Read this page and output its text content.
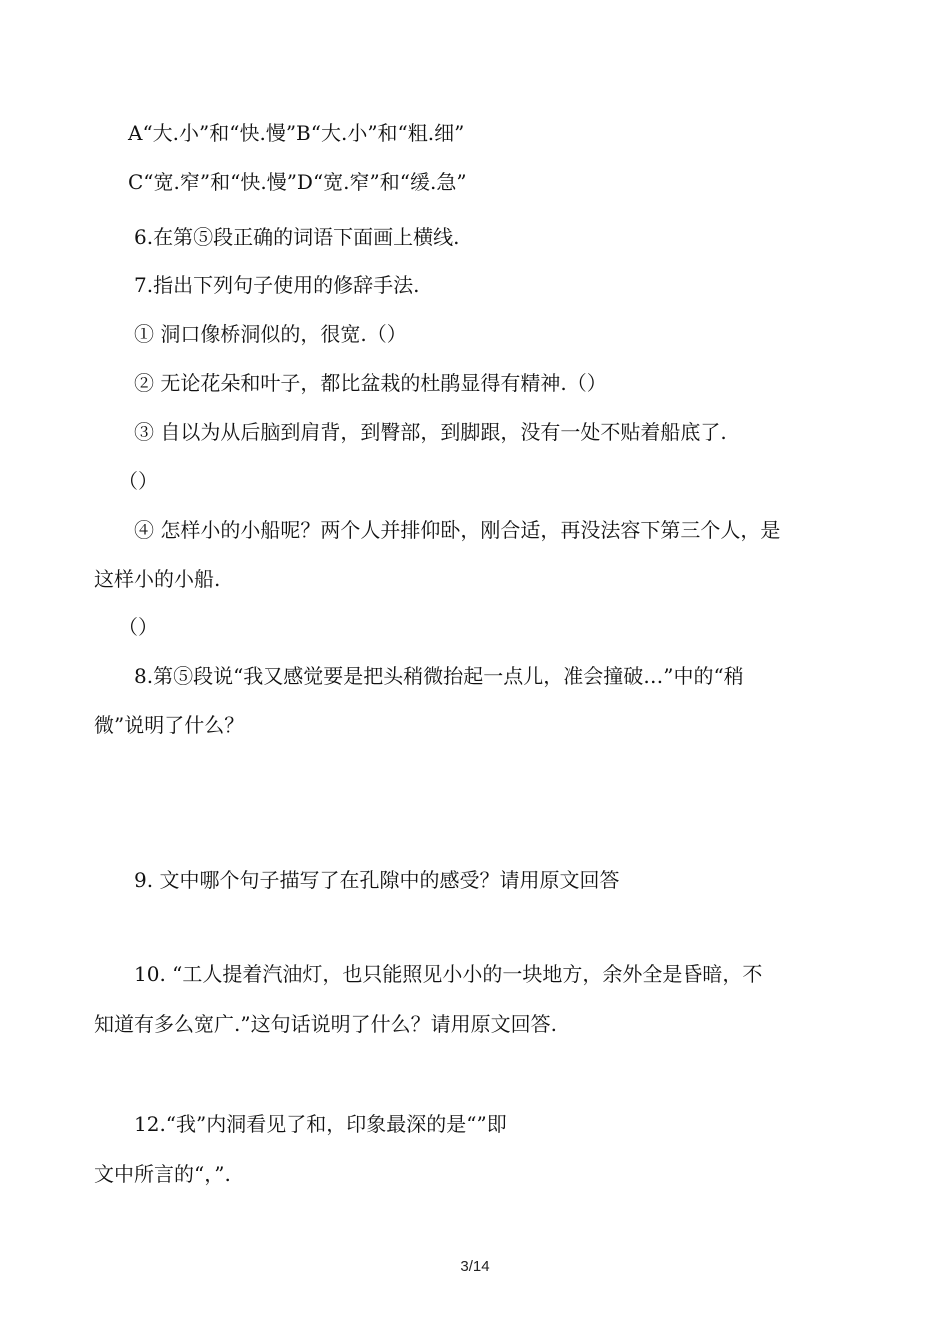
A“大.小”和“快.慢”B“大.小”和“粗.细”
C“宽.窄”和“快.慢”D“宽.窄”和“缓.急”
6.在第⑤段正确的词语下面画上横线.
7.指出下列句子使用的修辞手法.
① 洞口像桥洞似的，很宽.（）
② 无论花朵和叶子，都比盆栽的杜鹃显得有精神.（）
③ 自以为从后脑到肩背，到臀部，到脚跟，没有一处不贴着船底了.
（）
④ 怎样小的小船呢？两个人并排仰卧，刚合适，再没法容下第三个人，是
这样小的小船.
（）
8.第⑤段说“我又感觉要是把头稍微抬起一点儿，准会撞破…”中的“稍
微”说明了什么？
9. 文中哪个句子描写了在孔隙中的感受？请用原文回答
10. “工人提着汽油灯，也只能照见小小的一块地方，余外全是昏暗，不
知道有多么宽广.”这句话说明了什么？请用原文回答.
12.“我”内洞看见了和，印象最深的是“”即
文中所言的“，”.
3/14
